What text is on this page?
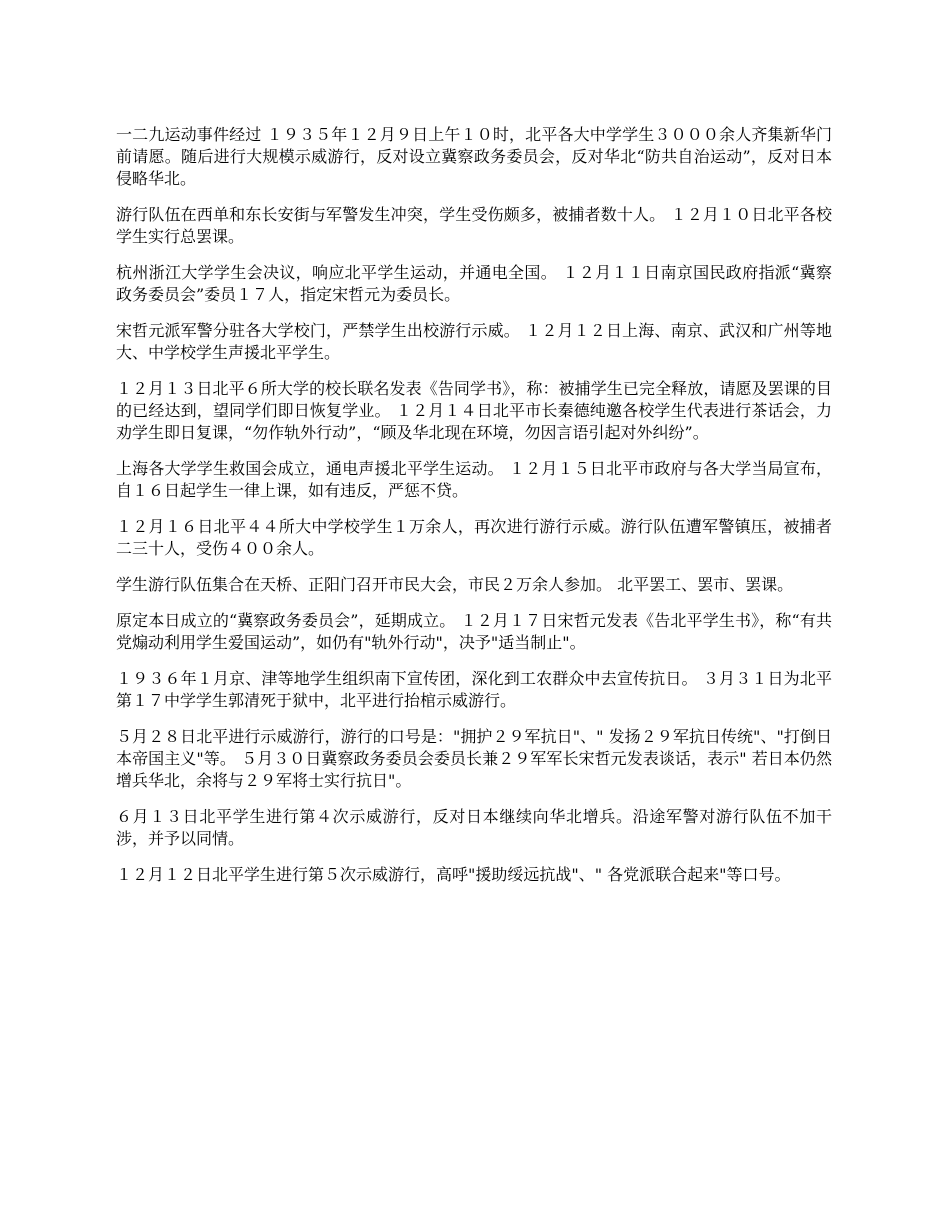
一二九运动事件经过 １９３５年１２月９日上午１０时，北平各大中学学生３０００余人齐集新华门前请愿。随后进行大规模示威游行，反对设立冀察政务委员会，反对华北“防共自治运动”，反对日本侵略华北。

游行队伍在西单和东长安街与军警发生冲突，学生受伤颇多，被捕者数十人。 １２月１０日北平各校学生实行总罢课。

杭州浙江大学学生会决议，响应北平学生运动，并通电全国。 １２月１１日南京国民政府指派“冀察政务委员会”委员１７人，指定宋哲元为委员长。

宋哲元派军警分驻各大学校门，严禁学生出校游行示威。 １２月１２日上海、南京、武汉和广州等地大、中学校学生声援北平学生。

１２月１３日北平６所大学的校长联名发表《告同学书》，称：被捕学生已完全释放，请愿及罢课的目的已经达到，望同学们即日恢复学业。 １２月１４日北平市长秦德纯邀各校学生代表进行茶话会，力劝学生即日复课，“勿作轨外行动”，“顾及华北现在环境，勿因言语引起对外纠纷”。

上海各大学学生救国会成立，通电声援北平学生运动。 １２月１５日北平市政府与各大学当局宣布，自１６日起学生一律上课，如有违反，严惩不贷。

１２月１６日北平４４所大中学校学生１万余人，再次进行游行示威。游行队伍遭军警镇压，被捕者二三十人，受伤４００余人。

学生游行队伍集合在天桥、正阳门召开市民大会，市民２万余人参加。 北平罢工、罢市、罢课。

原定本日成立的“冀察政务委员会”，延期成立。 １２月１７日宋哲元发表《告北平学生书》，称“有共党煽动利用学生爱国运动”，如仍有"轨外行动"，决予"适当制止"。

１９３６年１月京、津等地学生组织南下宣传团，深化到工农群众中去宣传抗日。 ３月３１日为北平第１７中学学生郭清死于狱中，北平进行抬棺示威游行。

５月２８日北平进行示威游行，游行的口号是："拥护２９军抗日"、" 发扬２９军抗日传统"、"打倒日本帝国主义"等。 ５月３０日冀察政务委员会委员长兼２９军军长宋哲元发表谈话，表示" 若日本仍然增兵华北，余将与２９军将士实行抗日"。

６月１３日北平学生进行第４次示威游行，反对日本继续向华北增兵。沿途军警对游行队伍不加干涉，并予以同情。

１２月１２日北平学生进行第５次示威游行，高呼"援助绥远抗战"、" 各党派联合起来"等口号。
